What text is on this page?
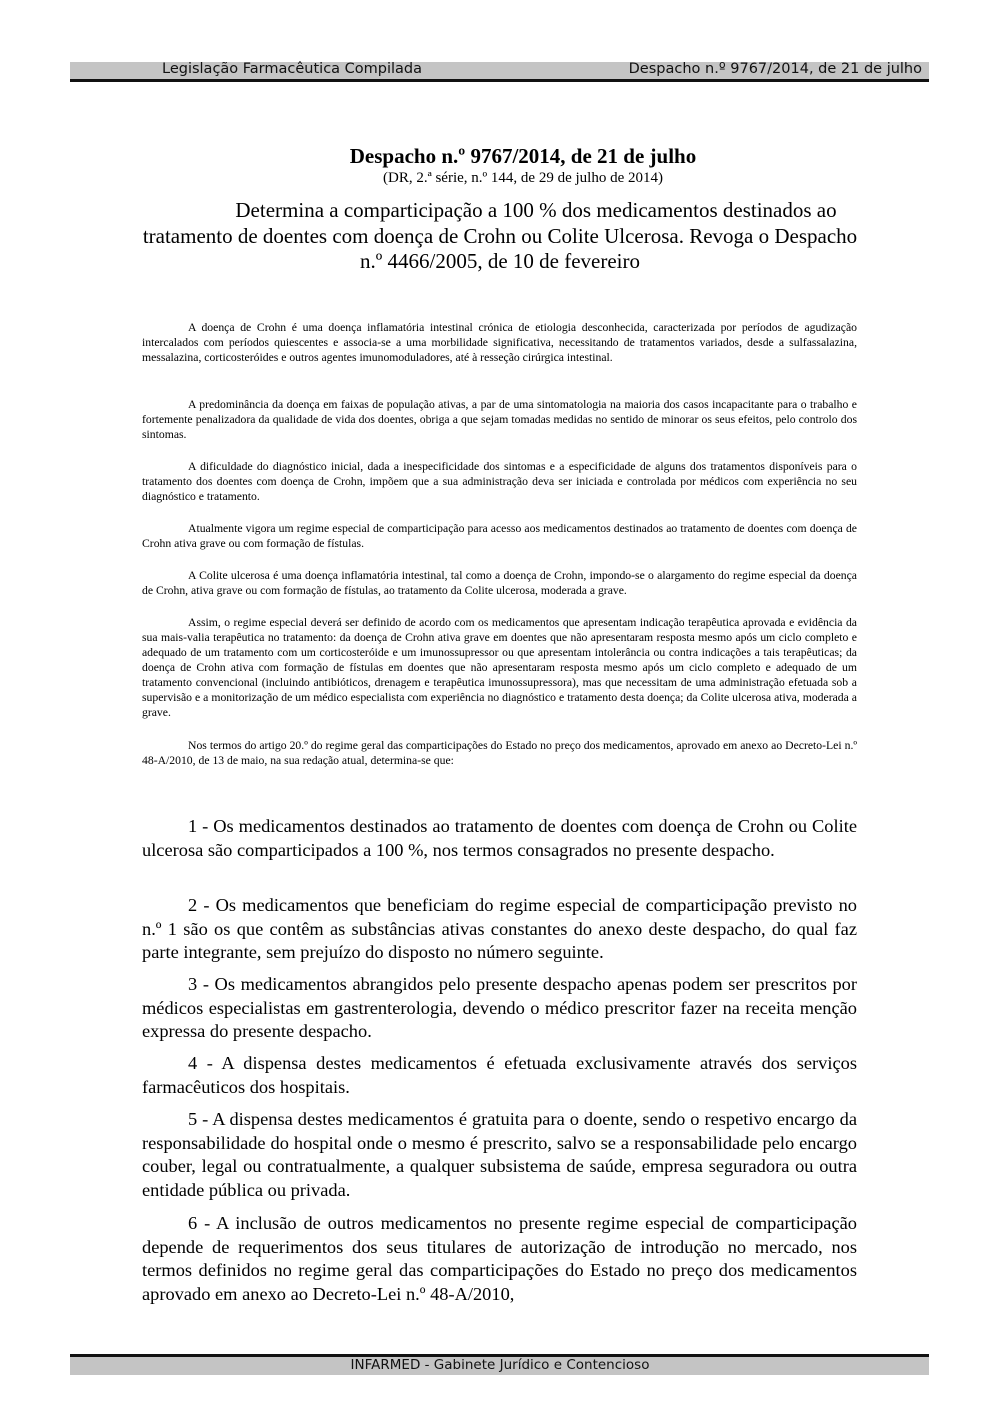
Legislação Farmacêutica Compilada	Despacho n.º 9767/2014, de 21 de julho
Despacho n.º 9767/2014, de 21 de julho
(DR, 2.ª série, n.º 144, de 29 de julho de 2014)
Determina a comparticipação a 100 % dos medicamentos destinados ao tratamento de doentes com doença de Crohn ou Colite Ulcerosa. Revoga o Despacho n.º 4466/2005, de 10 de fevereiro

A doença de Crohn é uma doença inflamatória intestinal crónica de etiologia desconhecida, caracterizada por períodos de agudização intercalados com períodos quiescentes e associa-se a uma morbilidade significativa, necessitando de tratamentos variados, desde a sulfassalazina, messalazina, corticosteróides e outros agentes imunomoduladores, até à resseção cirúrgica intestinal.

A predominância da doença em faixas de população ativas, a par de uma sintomatologia na maioria dos casos incapacitante para o trabalho e fortemente penalizadora da qualidade de vida dos doentes, obriga a que sejam tomadas medidas no sentido de minorar os seus efeitos, pelo controlo dos sintomas.

A dificuldade do diagnóstico inicial, dada a inespecificidade dos sintomas e a especificidade de alguns dos tratamentos disponíveis para o tratamento dos doentes com doença de Crohn, impõem que a sua administração deva ser iniciada e controlada por médicos com experiência no seu diagnóstico e tratamento.

Atualmente vigora um regime especial de comparticipação para acesso aos medicamentos destinados ao tratamento de doentes com doença de Crohn ativa grave ou com formação de fístulas.

A Colite ulcerosa é uma doença inflamatória intestinal, tal como a doença de Crohn, impondo-se o alargamento do regime especial da doença de Crohn, ativa grave ou com formação de fístulas, ao tratamento da Colite ulcerosa, moderada a grave.

Assim, o regime especial deverá ser definido de acordo com os medicamentos que apresentam indicação terapêutica aprovada e evidência da sua mais-valia terapêutica no tratamento: da doença de Crohn ativa grave em doentes que não apresentaram resposta mesmo após um ciclo completo e adequado de um tratamento com um corticosteróide e um imunossupressor ou que apresentam intolerância ou contra indicações a tais terapêuticas; da doença de Crohn ativa com formação de fístulas em doentes que não apresentaram resposta mesmo após um ciclo completo e adequado de um tratamento convencional (incluindo antibióticos, drenagem e terapêutica imunossupressora), mas que necessitam de uma administração efetuada sob a supervisão e a monitorização de um médico especialista com experiência no diagnóstico e tratamento desta doença; da Colite ulcerosa ativa, moderada a grave.

Nos termos do artigo 20.º do regime geral das comparticipações do Estado no preço dos medicamentos, aprovado em anexo ao Decreto-Lei n.º 48-A/2010, de 13 de maio, na sua redação atual, determina-se que:

1 - Os medicamentos destinados ao tratamento de doentes com doença de Crohn ou Colite ulcerosa são comparticipados a 100 %, nos termos consagrados no presente despacho.

2 - Os medicamentos que beneficiam do regime especial de comparticipação previsto no n.º 1 são os que contêm as substâncias ativas constantes do anexo deste despacho, do qual faz parte integrante, sem prejuízo do disposto no número seguinte.

3 - Os medicamentos abrangidos pelo presente despacho apenas podem ser prescritos por médicos especialistas em gastrenterologia, devendo o médico prescritor fazer na receita menção expressa do presente despacho.

4 - A dispensa destes medicamentos é efetuada exclusivamente através dos serviços farmacêuticos dos hospitais.

5 - A dispensa destes medicamentos é gratuita para o doente, sendo o respetivo encargo da responsabilidade do hospital onde o mesmo é prescrito, salvo se a responsabilidade pelo encargo couber, legal ou contratualmente, a qualquer subsistema de saúde, empresa seguradora ou outra entidade pública ou privada.

6 - A inclusão de outros medicamentos no presente regime especial de comparticipação depende de requerimentos dos seus titulares de autorização de introdução no mercado, nos termos definidos no regime geral das comparticipações do Estado no preço dos medicamentos aprovado em anexo ao Decreto-Lei n.º 48-A/2010,

INFARMED - Gabinete Jurídico e Contencioso
